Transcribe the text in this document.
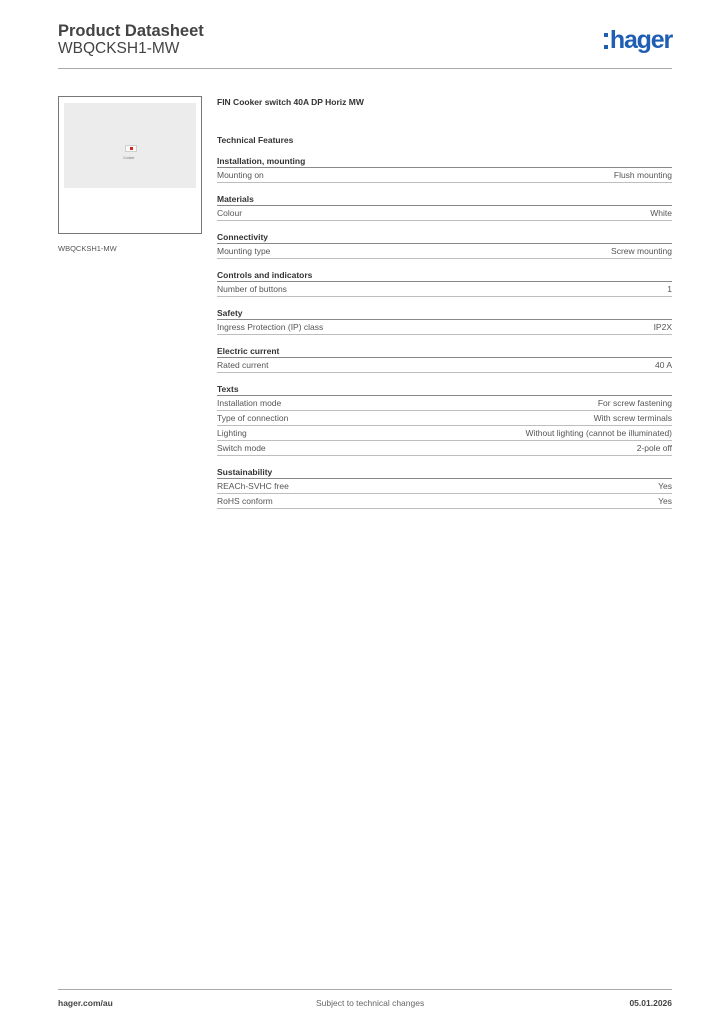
Product Datasheet
WBQCKSH1-MW	hager
Cooker
WBQCKSH1-MW
FIN Cooker switch 40A DP Horiz MW
Technical Features
Installation, mounting
Mounting on	Flush mounting
Materials
Colour	White
Connectivity
Mounting type	Screw mounting
Controls and indicators
Number of buttons	1
Safety
Ingress Protection (IP) class	IP2X
Electric current
Rated current	40 A
Texts
Installation mode	For screw fastening
Type of connection	With screw terminals
Lighting	Without lighting (cannot be illuminated)
Switch mode	2-pole off
Sustainability
REACh-SVHC free	Yes
RoHS conform	Yes
hager.com/au	Subject to technical changes	05.01.2026
